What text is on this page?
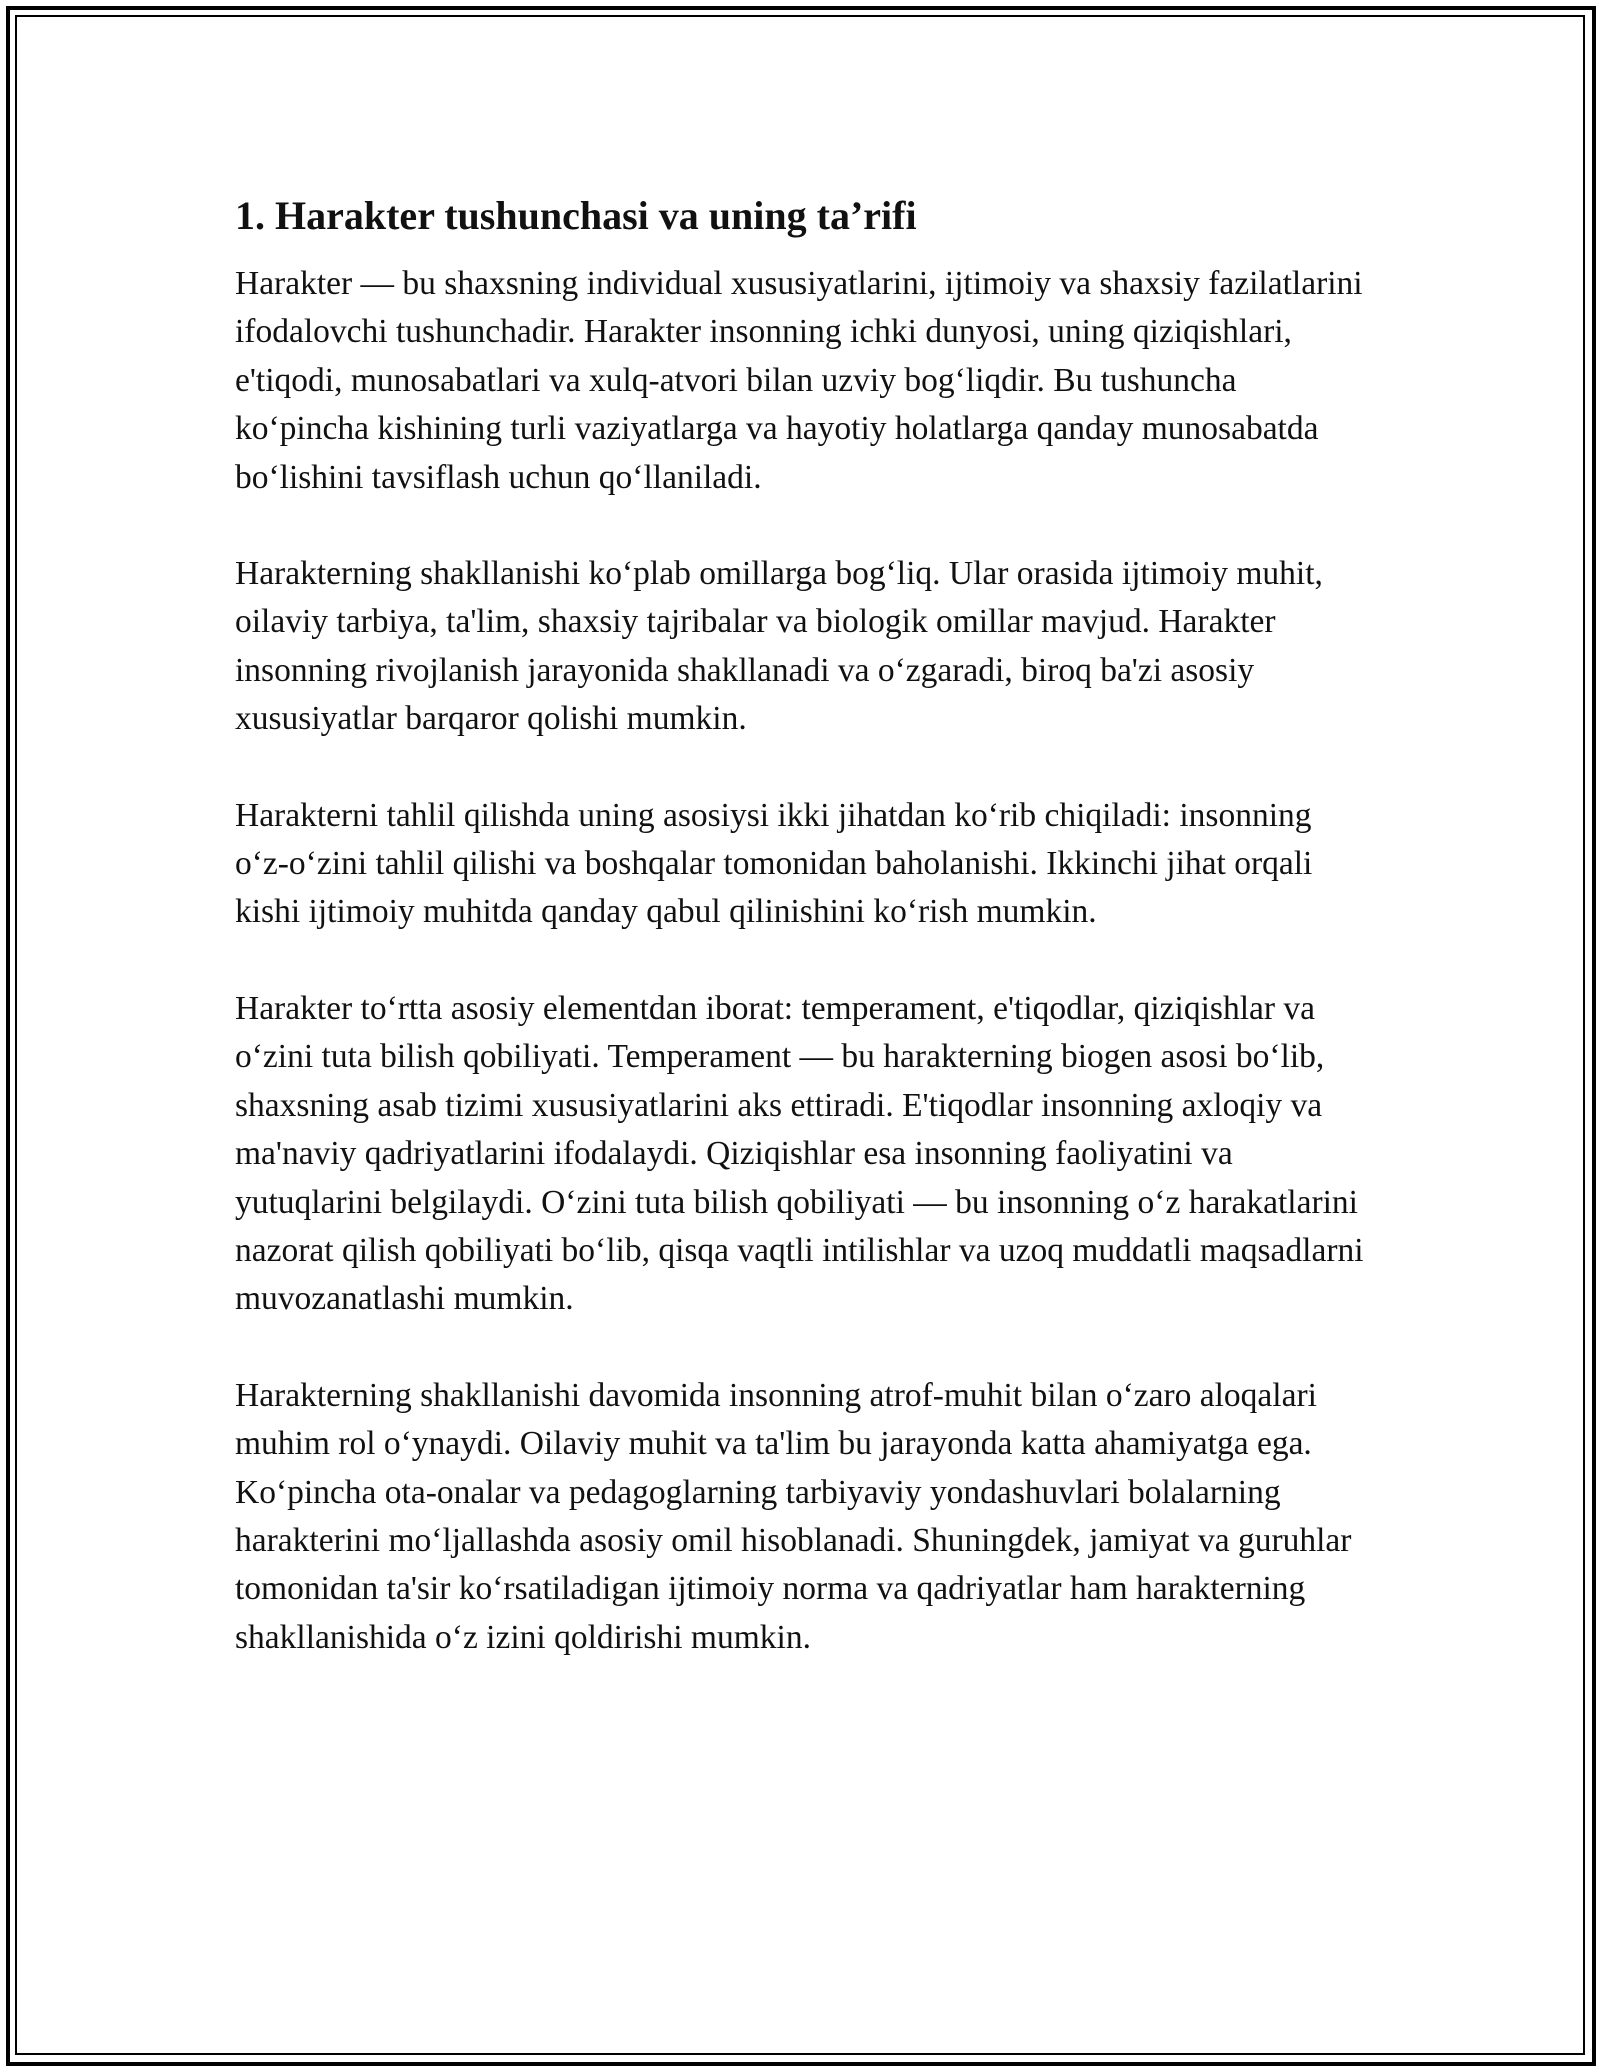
1. Harakter tushunchasi va uning ta’rifi

Harakter — bu shaxsning individual xususiyatlarini, ijtimoiy va shaxsiy fazilatlarini ifodalovchi tushunchadir. Harakter insonning ichki dunyosi, uning qiziqishlari, e'tiqodi, munosabatlari va xulq-atvori bilan uzviy bog‘liqdir. Bu tushuncha ko‘pincha kishining turli vaziyatlarga va hayotiy holatlarga qanday munosabatda bo‘lishini tavsiflash uchun qo‘llaniladi.

Harakterning shakllanishi ko‘plab omillarga bog‘liq. Ular orasida ijtimoiy muhit, oilaviy tarbiya, ta'lim, shaxsiy tajribalar va biologik omillar mavjud. Harakter insonning rivojlanish jarayonida shakllanadi va o‘zgaradi, biroq ba'zi asosiy xususiyatlar barqaror qolishi mumkin.

Harakterni tahlil qilishda uning asosiysi ikki jihatdan ko‘rib chiqiladi: insonning o‘z-o‘zini tahlil qilishi va boshqalar tomonidan baholanishi. Ikkinchi jihat orqali kishi ijtimoiy muhitda qanday qabul qilinishini ko‘rish mumkin.

Harakter to‘rtta asosiy elementdan iborat: temperament, e'tiqodlar, qiziqishlar va o‘zini tuta bilish qobiliyati. Temperament — bu harakterning biogen asosi bo‘lib, shaxsning asab tizimi xususiyatlarini aks ettiradi. E'tiqodlar insonning axloqiy va ma'naviy qadriyatlarini ifodalaydi. Qiziqishlar esa insonning faoliyatini va yutuqlarini belgilaydi. O‘zini tuta bilish qobiliyati — bu insonning o‘z harakatlarini nazorat qilish qobiliyati bo‘lib, qisqa vaqtli intilishlar va uzoq muddatli maqsadlarni muvozanatlashi mumkin.

Harakterning shakllanishi davomida insonning atrof-muhit bilan o‘zaro aloqalari muhim rol o‘ynaydi. Oilaviy muhit va ta'lim bu jarayonda katta ahamiyatga ega. Ko‘pincha ota-onalar va pedagoglarning tarbiyaviy yondashuvlari bolalarning harakterini mo‘ljallashda asosiy omil hisoblanadi. Shuningdek, jamiyat va guruhlar tomonidan ta'sir ko‘rsatiladigan ijtimoiy norma va qadriyatlar ham harakterning shakllanishida o‘z izini qoldirishi mumkin.
